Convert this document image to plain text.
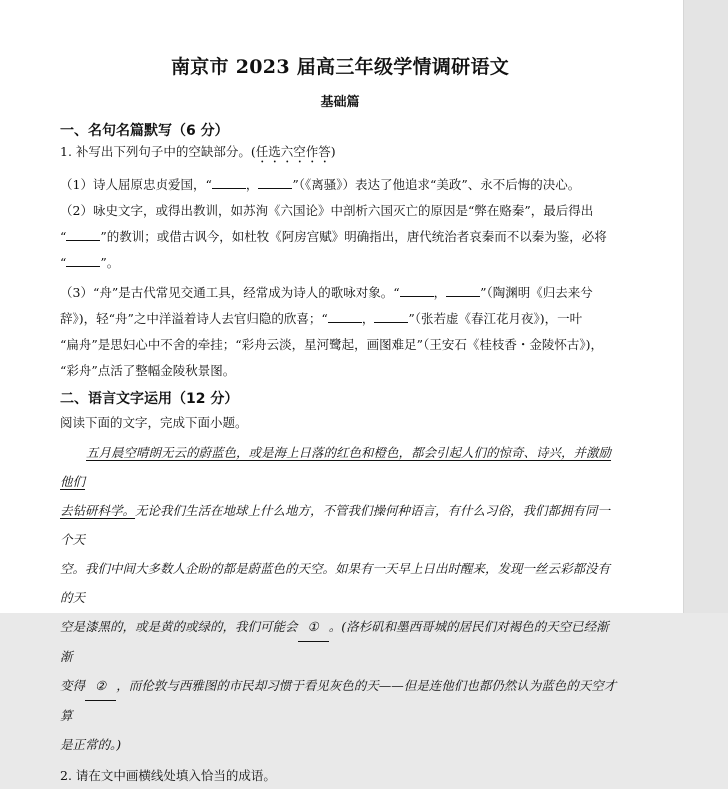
南京市 2023 届高三年级学情调研语文
基础篇
一、名句名篇默写（6 分）
1. 补写出下列句子中的空缺部分。(任选六空作答)
（1）诗人屈原忠贞爱国，“	，	”（《离骚》）表达了他追求“美政”、永不后悔的决心。
（2）咏史文字，或得出教训，如苏洵《六国论》中剖析六国灭亡的原因是“弊在赂秦”，最后得出
“	”的教训；或借古讽今，如杜牧《阿房宫赋》明确指出，唐代统治者哀秦而不以秦为鉴，必将
“	”。
（3）“舟”是古代常见交通工具，经常成为诗人的歌咏对象。“	，	”（陶渊明《归去来兮
辞》)，轻“舟”之中洋溢着诗人去官归隐的欣喜；“	，	”（张若虚《春江花月夜》)，一叶
“扁舟”是思妇心中不舍的牵挂；“彩舟云淡，星河鹭起，画图难足”（王安石《桂枝香・金陵怀古》)，
“彩舟”点活了整幅金陵秋景图。
二、语言文字运用（12 分）
阅读下面的文字，完成下面小题。
五月晨空晴朗无云的蔚蓝色，或是海上日落的红色和橙色，都会引起人们的惊奇、诗兴，并激励他们
去钻研科学。无论我们生活在地球上什么地方，不管我们操何种语言，有什么习俗，我们都拥有同一个天
空。我们中间大多数人企盼的都是蔚蓝色的天空。如果有一天早上日出时醒来，发现一丝云彩都没有的天
空是漆黑的，或是黄的或绿的，我们可能会 ① 。(洛杉矶和墨西哥城的居民们对褐色的天空已经渐渐
变得 ② ，而伦敦与西雅图的市民却习惯于看见灰色的天——但是连他们也都仍然认为蓝色的天空才算
是正常的。)
2. 请在文中画横线处填入恰当的成语。
